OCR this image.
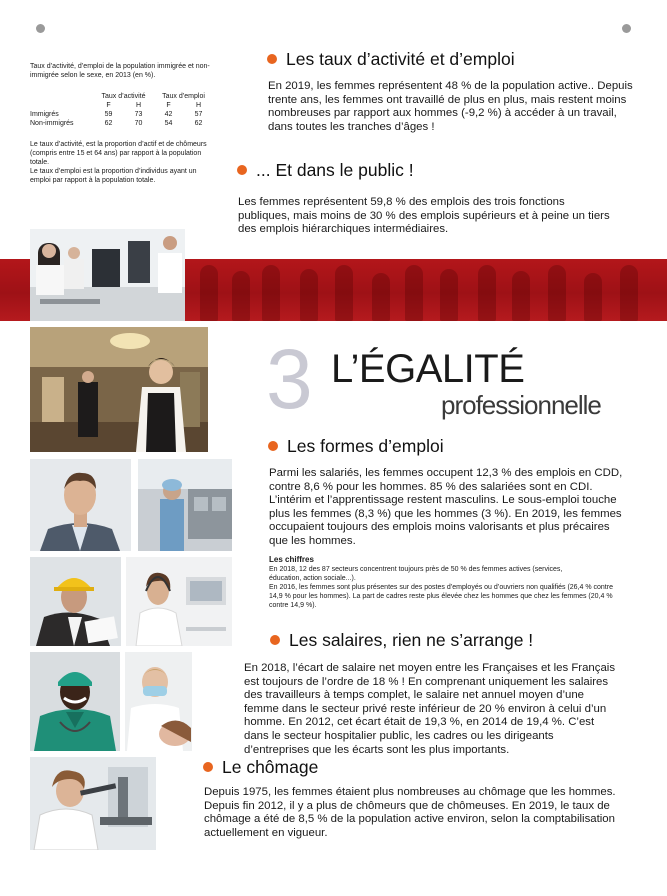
Taux d’activité, d’emploi de la population immigrée et non-immigrée selon le sexe, en 2013 (en %).
	Taux d’activité		Taux d’emploi	
	F	H	F	H
Immigrés	59	73	42	57
Non-immigrés	62	70	54	62
Le taux d’activité, est la proportion d’actif et de chômeurs (compris entre 15 et 64 ans) par rapport à la population totale.
Le taux d’emploi est la proportion d’individus ayant un emploi par rapport à la population totale.
Les taux d’activité et d’emploi
En 2019, les femmes représentent 48 % de la population active.. Depuis trente ans, les femmes ont travaillé de plus en plus, mais restent moins nombreuses par rapport aux hommes (-9,2 %) à accéder à un travail, dans toutes les tranches d’âges !
... Et dans le public !
Les femmes représentent 59,8 % des emplois des trois fonctions publiques, mais moins de 30 % des emplois supérieurs et à peine un tiers des emplois hiérarchiques intermédiaires.
3 L’ÉGALITÉ
professionnelle
Les formes d’emploi
Parmi les salariés, les femmes occupent 12,3 % des emplois en CDD, contre 8,6 % pour les hommes. 85 % des salariées sont en CDI. L’intérim et l’apprentissage restent masculins. Le sous-emploi touche plus les femmes (8,3 %) que les hommes (3 %). En 2019, les femmes occupaient toujours des emplois moins valorisants et plus précaires que les hommes.
Les chiffres
En 2018, 12 des 87 secteurs concentrent toujours près de 50 % des femmes actives (services, éducation, action sociale...).
En 2016, les femmes sont plus présentes sur des postes d’employés ou d’ouvriers non qualifiés (26,4 % contre 14,9 % pour les hommes). La part de cadres reste plus élevée chez les hommes que chez les femmes (20,4 % contre 14,9 %).
Les salaires, rien ne s’arrange !
En 2018, l’écart de salaire net moyen entre les Françaises et les Français est toujours de l’ordre de 18 % ! En comprenant uniquement les salaires des travailleurs à temps complet, le salaire net annuel moyen d’une femme dans le secteur privé reste inférieur de 20 % environ à celui d’un homme. En 2012, cet écart était de 19,3 %, en 2014 de 19,4 %. C’est dans le secteur hospitalier public, les cadres ou les dirigeants d’entreprises que les écarts sont les plus importants.
Le chômage
Depuis 1975, les femmes étaient plus nombreuses au chômage que les hommes. Depuis fin 2012, il y a plus de chômeurs que de chômeuses. En 2019, le taux de chômage a été de 8,5 % de la population active environ, selon la comptabilisation actuellement en vigueur.
